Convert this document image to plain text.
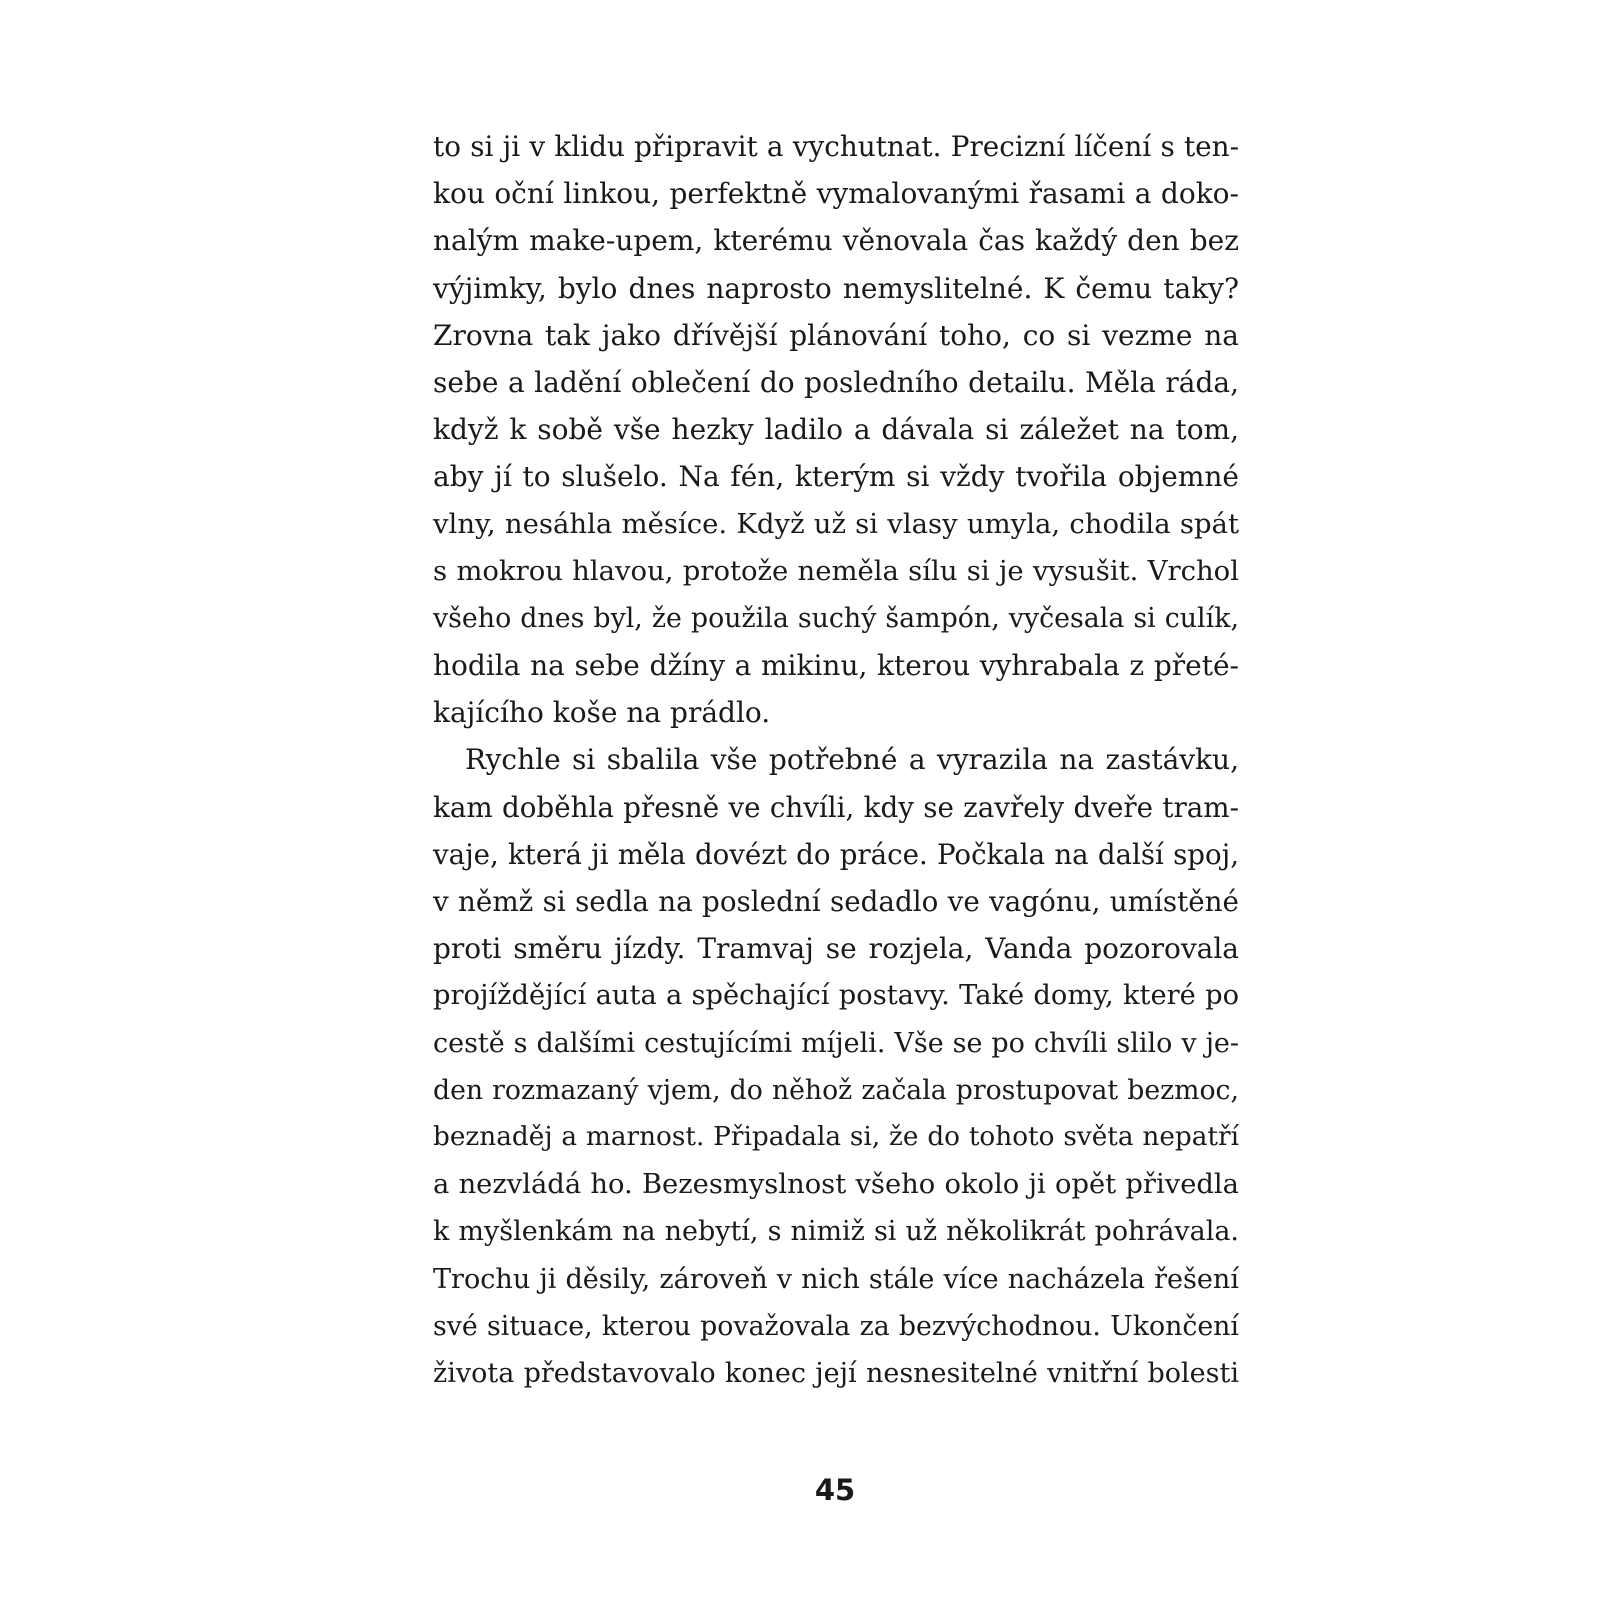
to si ji v klidu připravit a vychutnat. Precizní líčení s ten-
kou oční linkou, perfektně vymalovanými řasami a doko-
nalým make-upem, kterému věnovala čas každý den bez
výjimky, bylo dnes naprosto nemyslitelné. K čemu taky?
Zrovna tak jako dřívější plánování toho, co si vezme na
sebe a ladění oblečení do posledního detailu. Měla ráda,
když k sobě vše hezky ladilo a dávala si záležet na tom,
aby jí to slušelo. Na fén, kterým si vždy tvořila objemné
vlny, nesáhla měsíce. Když už si vlasy umyla, chodila spát
s mokrou hlavou, protože neměla sílu si je vysušit. Vrchol
všeho dnes byl, že použila suchý šampón, vyčesala si culík,
hodila na sebe džíny a mikinu, kterou vyhrabala z přeté-
kajícího koše na prádlo.
Rychle si sbalila vše potřebné a vyrazila na zastávku,
kam doběhla přesně ve chvíli, kdy se zavřely dveře tram-
vaje, která ji měla dovézt do práce. Počkala na další spoj,
v němž si sedla na poslední sedadlo ve vagónu, umístěné
proti směru jízdy. Tramvaj se rozjela, Vanda pozorovala
projíždějící auta a spěchající postavy. Také domy, které po
cestě s dalšími cestujícími míjeli. Vše se po chvíli slilo v je-
den rozmazaný vjem, do něhož začala prostupovat bezmoc,
beznaděj a marnost. Připadala si, že do tohoto světa nepatří
a nezvládá ho. Bezesmyslnost všeho okolo ji opět přivedla
k myšlenkám na nebytí, s nimiž si už několikrát pohrávala.
Trochu ji děsily, zároveň v nich stále více nacházela řešení
své situace, kterou považovala za bezvýchodnou. Ukončení
života představovalo konec její nesnesitelné vnitřní bolesti
45
